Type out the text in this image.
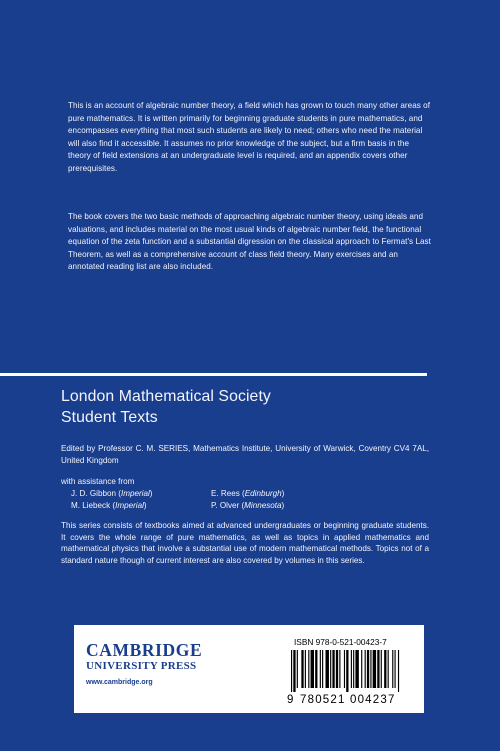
This is an account of algebraic number theory, a field which has grown to touch many other areas of pure mathematics. It is written primarily for beginning graduate students in pure mathematics, and encompasses everything that most such students are likely to need; others who need the material will also find it accessible. It assumes no prior knowledge of the subject, but a firm basis in the theory of field extensions at an undergraduate level is required, and an appendix covers other prerequisites.
The book covers the two basic methods of approaching algebraic number theory, using ideals and valuations, and includes material on the most usual kinds of algebraic number field, the functional equation of the zeta function and a substantial digression on the classical approach to Fermat's Last Theorem, as well as a comprehensive account of class field theory. Many exercises and an annotated reading list are also included.
London Mathematical Society
Student Texts
Edited by Professor C. M. SERIES, Mathematics Institute, University of Warwick, Coventry CV4 7AL, United Kingdom
with assistance from
J. D. Gibbon (Imperial)	E. Rees (Edinburgh)
M. Liebeck (Imperial)	P. Olver (Minnesota)
This series consists of textbooks aimed at advanced undergraduates or beginning graduate students. It covers the whole range of pure mathematics, as well as topics in applied mathematics and mathematical physics that involve a substantial use of modern mathematical methods. Topics not of a standard nature though of current interest are also covered by volumes in this series.
CAMBRIDGE
UNIVERSITY PRESS
www.cambridge.org
ISBN 978-0-521-00423-7
9 780521 004237
